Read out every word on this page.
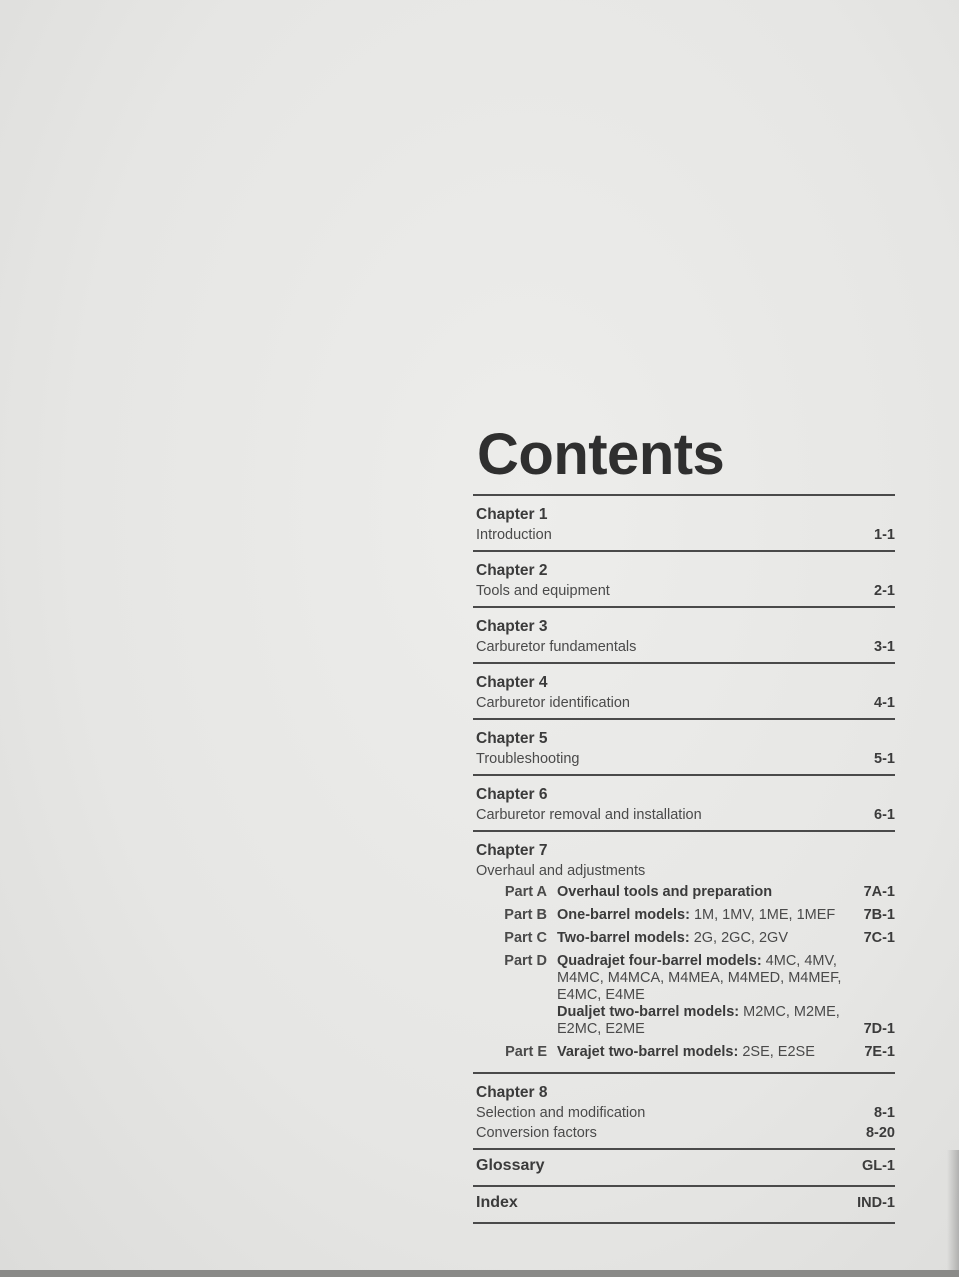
Contents
Chapter 1
Introduction	1-1
Chapter 2
Tools and equipment	2-1
Chapter 3
Carburetor fundamentals	3-1
Chapter 4
Carburetor identification	4-1
Chapter 5
Troubleshooting	5-1
Chapter 6
Carburetor removal and installation	6-1
Chapter 7
Overhaul and adjustments
Part A Overhaul tools and preparation	7A-1
Part B One-barrel models: 1M, 1MV, 1ME, 1MEF	7B-1
Part C Two-barrel models: 2G, 2GC, 2GV	7C-1
Part D Quadrajet four-barrel models: 4MC, 4MV, M4MC, M4MCA, M4MEA, M4MED, M4MEF, E4MC, E4ME
Dualjet two-barrel models: M2MC, M2ME, E2MC, E2ME	7D-1
Part E Varajet two-barrel models: 2SE, E2SE	7E-1
Chapter 8
Selection and modification	8-1
Conversion factors	8-20
Glossary	GL-1
Index	IND-1
